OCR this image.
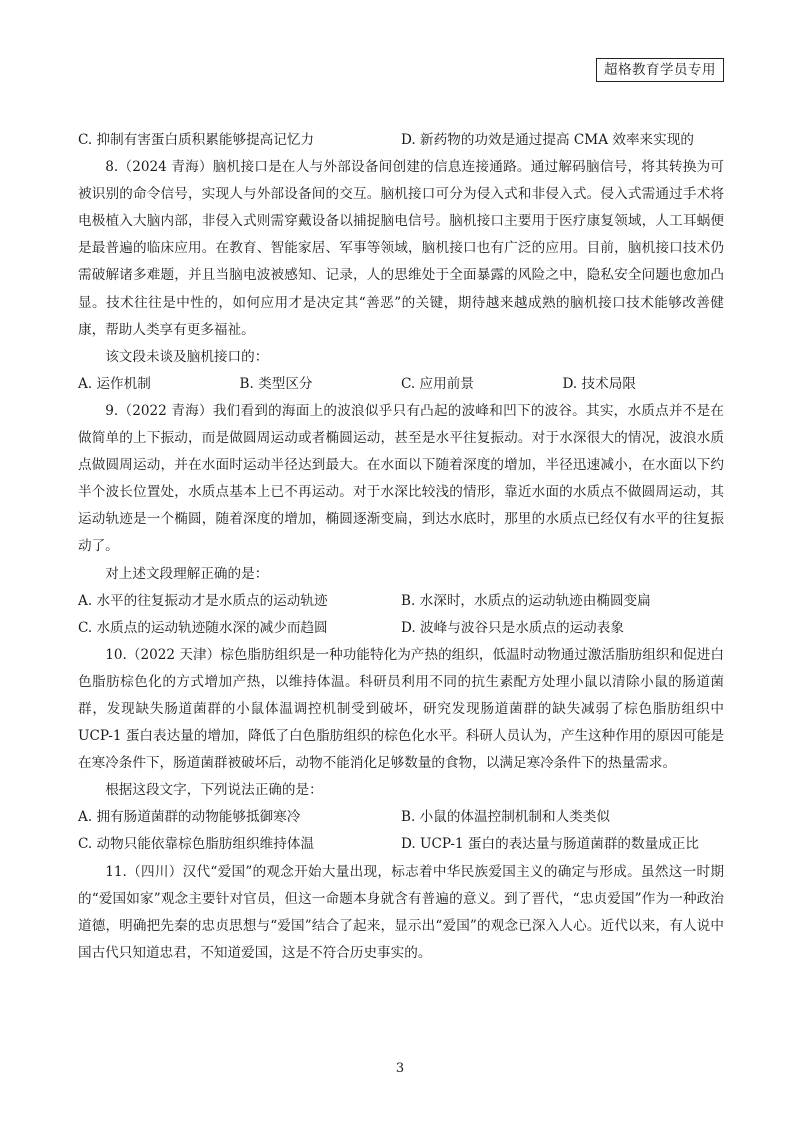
超格教育学员专用
C. 抑制有害蛋白质积累能够提高记忆力	D. 新药物的功效是通过提高 CMA 效率来实现的

8.（2024 青海）脑机接口是在人与外部设备间创建的信息连接通路。通过解码脑信号，将其转换为可被识别的命令信号，实现人与外部设备间的交互。脑机接口可分为侵入式和非侵入式。侵入式需通过手术将电极植入大脑内部，非侵入式则需穿戴设备以捕捉脑电信号。脑机接口主要用于医疗康复领域，人工耳蜗便是最普遍的临床应用。在教育、智能家居、军事等领域，脑机接口也有广泛的应用。目前，脑机接口技术仍需破解诸多难题，并且当脑电波被感知、记录，人的思维处于全面暴露的风险之中，隐私安全问题也愈加凸显。技术往往是中性的，如何应用才是决定其“善恶”的关键，期待越来越成熟的脑机接口技术能够改善健康，帮助人类享有更多福祉。

该文段未谈及脑机接口的：

A. 运作机制	B. 类型区分	C. 应用前景	D. 技术局限

9.（2022 青海）我们看到的海面上的波浪似乎只有凸起的波峰和凹下的波谷。其实，水质点并不是在做简单的上下振动，而是做圆周运动或者椭圆运动，甚至是水平往复振动。对于水深很大的情况，波浪水质点做圆周运动，并在水面时运动半径达到最大。在水面以下随着深度的增加，半径迅速减小，在水面以下约半个波长位置处，水质点基本上已不再运动。对于水深比较浅的情形，靠近水面的水质点不做圆周运动，其运动轨迹是一个椭圆，随着深度的增加，椭圆逐渐变扁，到达水底时，那里的水质点已经仅有水平的往复振动了。

对上述文段理解正确的是：

A. 水平的往复振动才是水质点的运动轨迹	B. 水深时，水质点的运动轨迹由椭圆变扁
C. 水质点的运动轨迹随水深的减少而趋圆	D. 波峰与波谷只是水质点的运动表象

10.（2022 天津）棕色脂肪组织是一种功能特化为产热的组织，低温时动物通过激活脂肪组织和促进白色脂肪棕色化的方式增加产热，以维持体温。科研员利用不同的抗生素配方处理小鼠以清除小鼠的肠道菌群，发现缺失肠道菌群的小鼠体温调控机制受到破坏，研究发现肠道菌群的缺失减弱了棕色脂肪组织中 UCP-1 蛋白表达量的增加，降低了白色脂肪组织的棕色化水平。科研人员认为，产生这种作用的原因可能是在寒冷条件下，肠道菌群被破坏后，动物不能消化足够数量的食物，以满足寒冷条件下的热量需求。

根据这段文字，下列说法正确的是：

A. 拥有肠道菌群的动物能够抵御寒冷	B. 小鼠的体温控制机制和人类类似
C. 动物只能依靠棕色脂肪组织维持体温	D. UCP-1 蛋白的表达量与肠道菌群的数量成正比

11.（四川）汉代“爱国”的观念开始大量出现，标志着中华民族爱国主义的确定与形成。虽然这一时期的“爱国如家”观念主要针对官员，但这一命题本身就含有普遍的意义。到了晋代，“忠贞爱国”作为一种政治道德，明确把先秦的忠贞思想与“爱国”结合了起来，显示出“爱国”的观念已深入人心。近代以来，有人说中国古代只知道忠君，不知道爱国，这是不符合历史事实的。

3
